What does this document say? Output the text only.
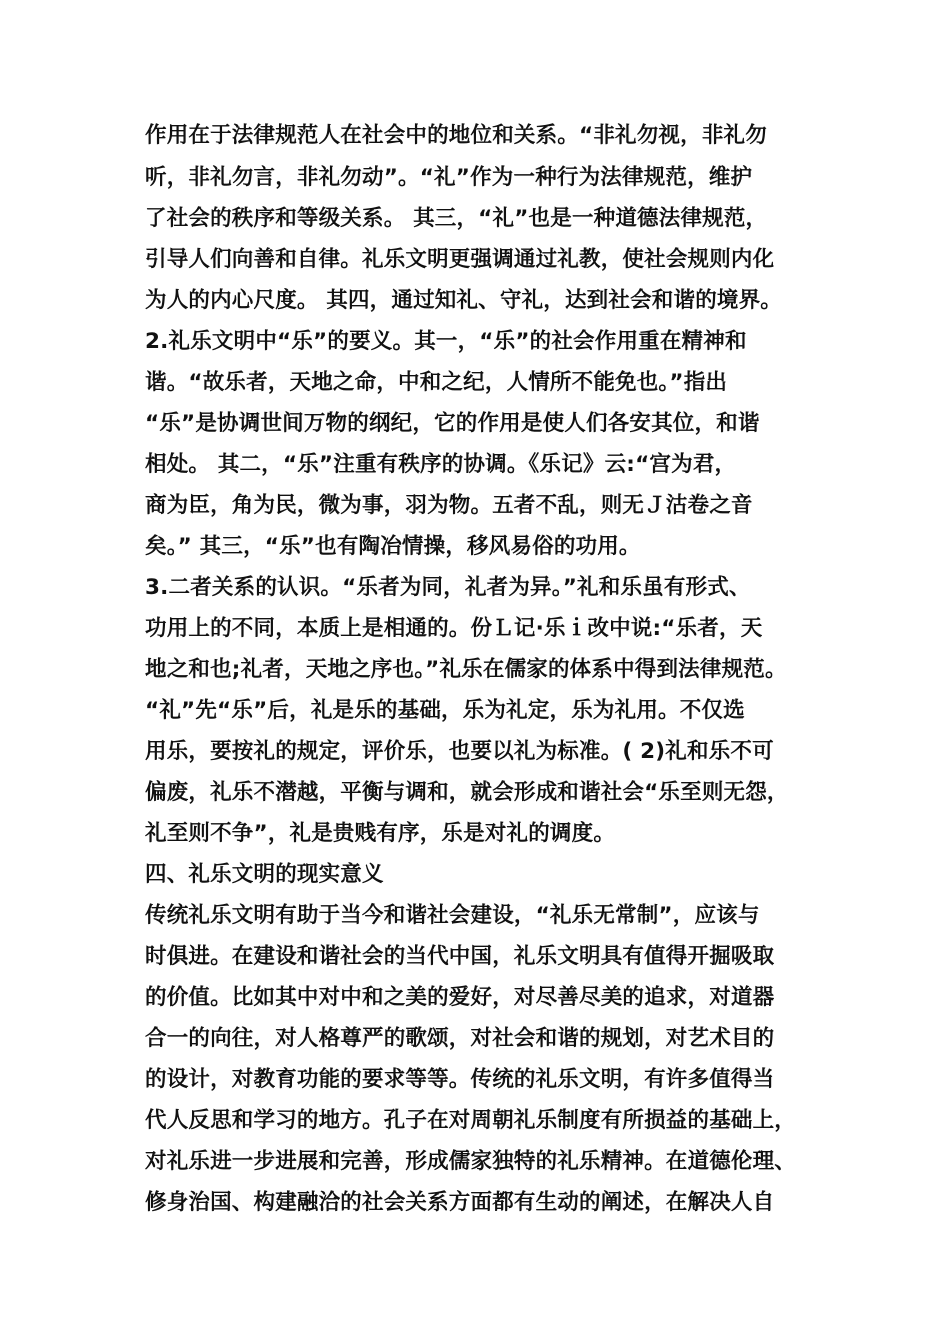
作用在于法律规范人在社会中的地位和关系。“非礼勿视，非礼勿
听，非礼勿言，非礼勿动”。“礼”作为一种行为法律规范，维护
了社会的秩序和等级关系。 其三，“礼”也是一种道德法律规范，
引导人们向善和自律。礼乐文明更强调通过礼教，使社会规则内化
为人的内心尺度。 其四，通过知礼、守礼，达到社会和谐的境界。
2.礼乐文明中“乐”的要义。其一，“乐”的社会作用重在精神和
谐。“故乐者，天地之命，中和之纪，人情所不能免也。”指出
“乐”是协调世间万物的纲纪，它的作用是使人们各安其位，和谐
相处。 其二，“乐”注重有秩序的协调。《乐记》云:“宫为君，
商为臣，角为民，微为事，羽为物。五者不乱，则无Ｊ沽卷之音
矣。” 其三，“乐”也有陶冶情操，移风易俗的功用。
3.二者关系的认识。“乐者为同，礼者为异。”礼和乐虽有形式、
功用上的不同，本质上是相通的。份Ｌ记·乐ｉ改中说:“乐者，天
地之和也;礼者，天地之序也。”礼乐在儒家的体系中得到法律规范。
“礼”先“乐”后，礼是乐的基础，乐为礼定，乐为礼用。不仅选
用乐，要按礼的规定，评价乐，也要以礼为标准。( 2)礼和乐不可
偏废，礼乐不潜越，平衡与调和，就会形成和谐社会“乐至则无怨，
礼至则不争”，礼是贵贱有序，乐是对礼的调度。
四、礼乐文明的现实意义
传统礼乐文明有助于当今和谐社会建设，“礼乐无常制”，应该与
时俱进。在建设和谐社会的当代中国，礼乐文明具有值得开掘吸取
的价值。比如其中对中和之美的爱好，对尽善尽美的追求，对道器
合一的向往，对人格尊严的歌颂，对社会和谐的规划，对艺术目的
的设计，对教育功能的要求等等。传统的礼乐文明，有许多值得当
代人反思和学习的地方。孔子在对周朝礼乐制度有所损益的基础上，
对礼乐进一步进展和完善，形成儒家独特的礼乐精神。在道德伦理、
修身治国、构建融洽的社会关系方面都有生动的阐述，在解决人自
